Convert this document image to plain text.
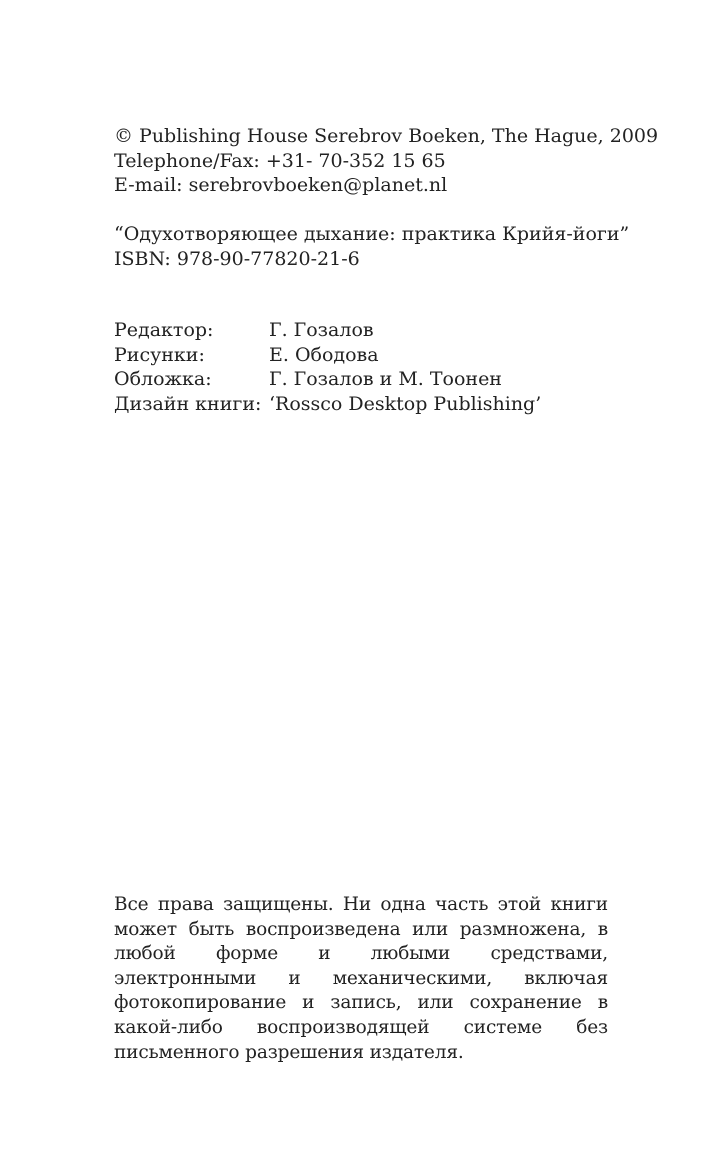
© Publishing House Serebrov Boeken, The Hague, 2009
Telephone/Fax: +31- 70-352 15 65
E-mail: serebrovboeken@planet.nl
“Одухотворяющее дыхание: практика Крийя-йоги”
ISBN: 978-90-77820-21-6
Редактор:	Г. Гозалов
Рисунки:	Е. Ободова
Обложка:	Г. Гозалов и М. Тоонен
Дизайн книги: ‘Rossco Desktop Publishing’

Все права защищены. Ни одна часть этой книги может быть воспроизведена или размножена, в любой форме и любыми средствами, электронными и механическими, включая фотокопирование и запись, или сохранение в какой-либо воспроизводящей системе без письменного разрешения издателя.
